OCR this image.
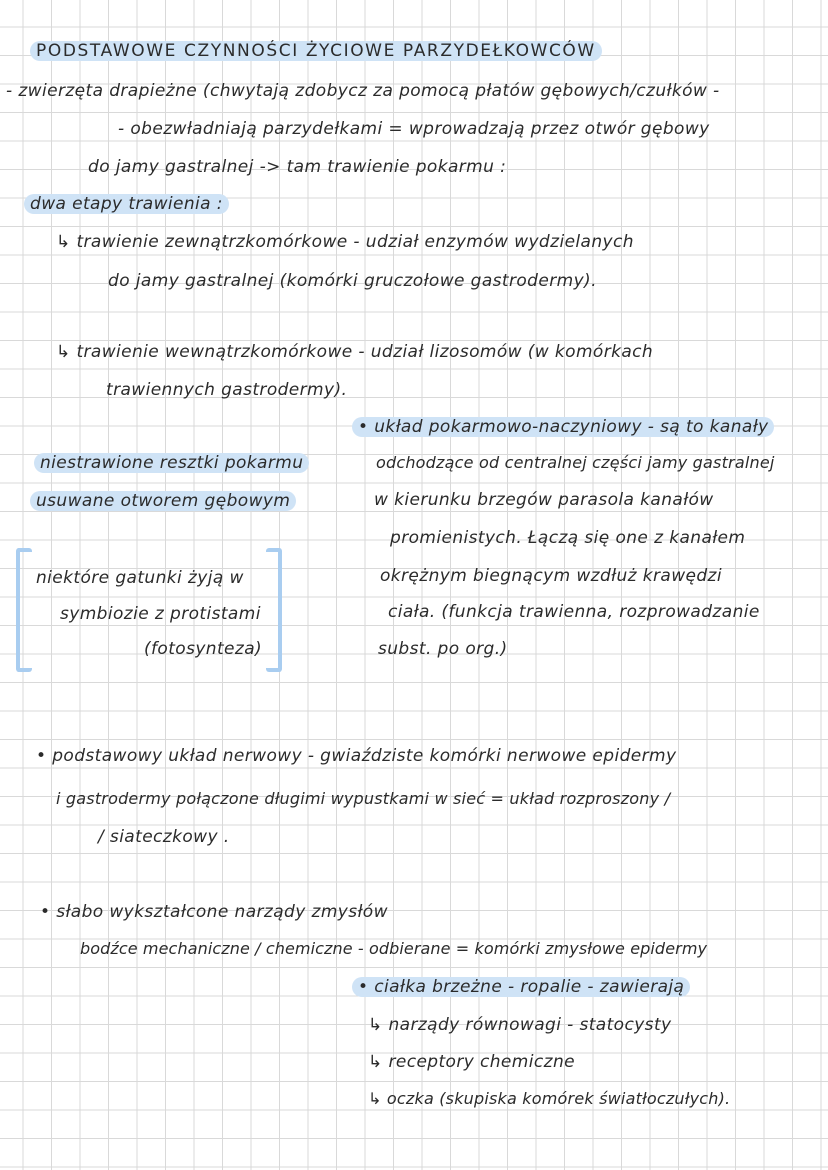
PODSTAWOWE CZYNNOŚCI ŻYCIOWE PARZYDEŁKOWCÓW
- zwierzęta drapieżne (chwytają zdobycz za pomocą płatów gębowych/czułków -
- obezwładniają parzydełkami = wprowadzają przez otwór gębowy
do jamy gastralnej -> tam trawienie pokarmu :
dwa etapy trawienia :
↳ trawienie zewnątrzkomórkowe - udział enzymów wydzielanych
do jamy gastralnej (komórki gruczołowe gastrodermy).
↳ trawienie wewnątrzkomórkowe - udział lizosomów (w komórkach
trawiennych gastrodermy).
• układ pokarmowo-naczyniowy - są to kanały
odchodzące od centralnej części jamy gastralnej
w kierunku brzegów parasola kanałów
promienistych. Łączą się one z kanałem
okrężnym biegnącym wzdłuż krawędzi
ciała. (funkcja trawienna, rozprowadzanie
subst. po org.)
niestrawione resztki pokarmu
usuwane otworem gębowym
niektóre gatunki żyją w
symbiozie z protistami
(fotosynteza)
• podstawowy układ nerwowy - gwiaździste komórki nerwowe epidermy
i gastrodermy połączone długimi wypustkami w sieć = układ rozproszony /
/ siateczkowy .
• słabo wykształcone narządy zmysłów
bodźce mechaniczne / chemiczne - odbierane = komórki zmysłowe epidermy
• ciałka brzeżne - ropalie - zawierają
↳ narządy równowagi - statocysty
↳ receptory chemiczne
↳ oczka (skupiska komórek światłoczułych).
